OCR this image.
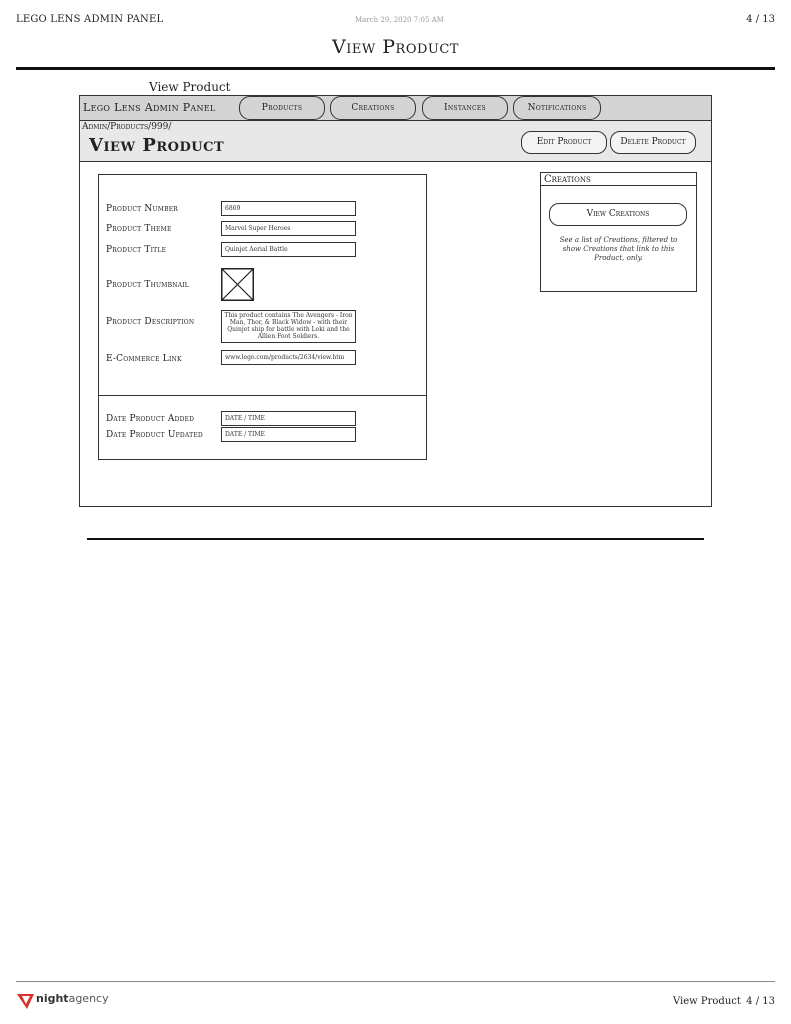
LEGO LENS ADMIN PANEL	March 29, 2020 7:05 AM	4 / 13
View Product
View Product
Lego Lens Admin Panel	Products	Creations	Instances	Notifications
Admin/Products/999/
View Product	Edit Product	Delete Product
Product Number	6869
Product Theme	Marvel Super Heroes
Product Title	Quinjet Aerial Battle
Product Thumbnail
Product Description
This product contains The Avengers - Iron Man, Thor, & Black Widow - with their Quinjet ship for battle with Loki and the Allien Foot Soldiers.
E-Commerce Link	www.lego.com/products/2634/view.htm
Date Product Added	DATE / TIME
Date Product Updated	DATE / TIME
Creations
View Creations
See a list of Creations, filtered to show Creations that link to this Product, only.
nightagency	View Product 4 / 13
